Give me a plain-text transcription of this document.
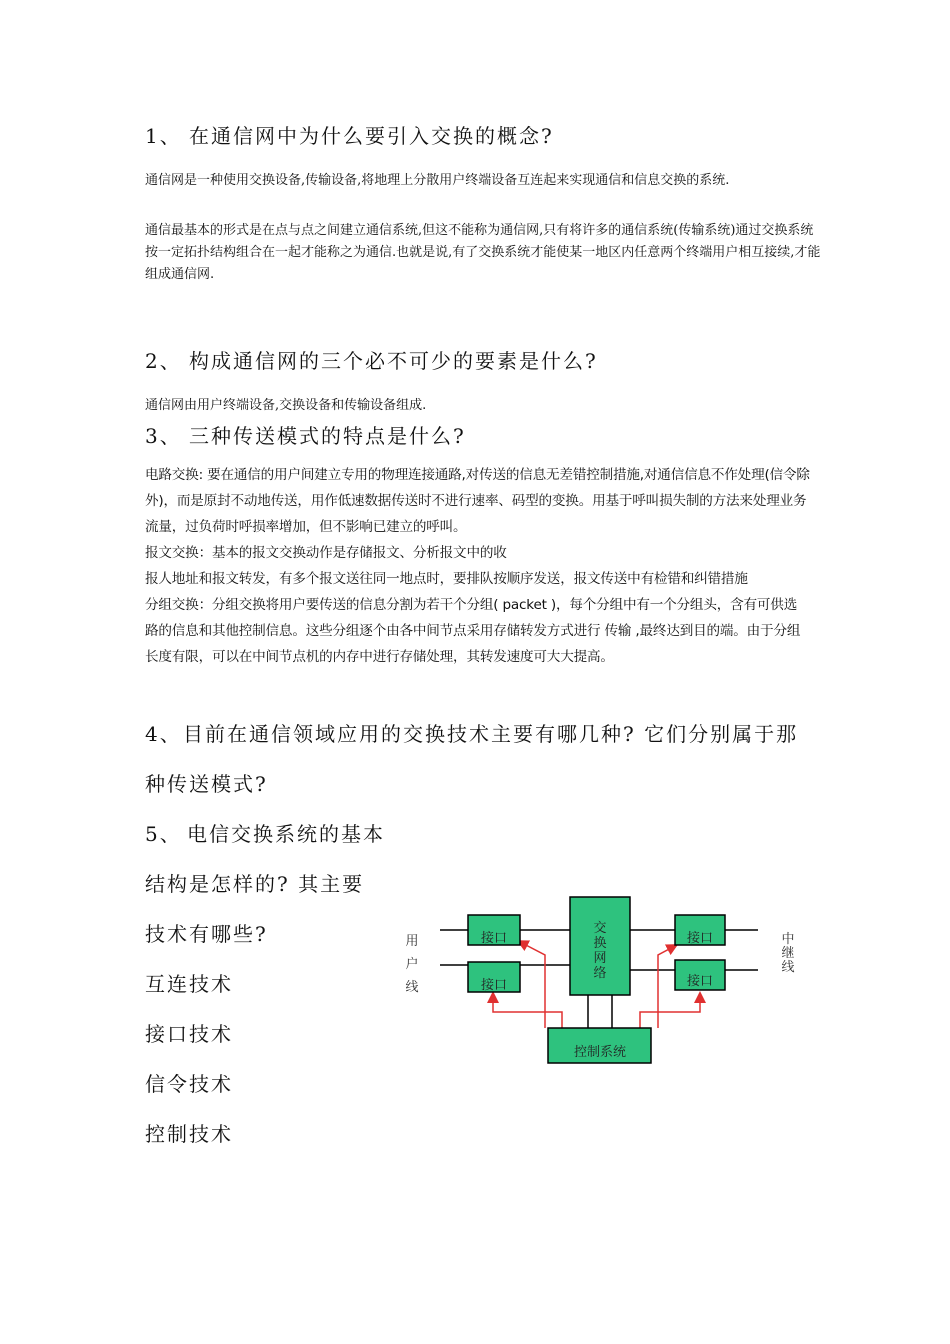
1、 在通信网中为什么要引入交换的概念?
通信网是一种使用交换设备,传输设备,将地理上分散用户终端设备互连起来实现通信和信息交换的系统.
通信最基本的形式是在点与点之间建立通信系统,但这不能称为通信网,只有将许多的通信系统(传输系统)通过交换系统按一定拓扑结构组合在一起才能称之为通信.也就是说,有了交换系统才能使某一地区内任意两个终端用户相互接续,才能组成通信网.
2、 构成通信网的三个必不可少的要素是什么?
通信网由用户终端设备,交换设备和传输设备组成.
3、 三种传送模式的特点是什么?
电路交换: 要在通信的用户间建立专用的物理连接通路,对传送的信息无差错控制措施,对通信信息不作处理(信令除外)，而是原封不动地传送，用作低速数据传送时不进行速率、码型的变换。用基于呼叫损失制的方法来处理业务流量，过负荷时呼损率增加，但不影响已建立的呼叫。
报文交换：基本的报文交换动作是存储报文、分析报文中的收
报人地址和报文转发，有多个报文送往同一地点时，要排队按顺序发送，报文传送中有检错和纠错措施
分组交换：分组交换将用户要传送的信息分割为若干个分组( packet )，每个分组中有一个分组头，含有可供选路的信息和其他控制信息。这些分组逐个由各中间节点采用存储转发方式进行 传输 ,最终达到目的端。由于分组长度有限，可以在中间节点机的内存中进行存储处理，其转发速度可大大提高。
4、目前在通信领域应用的交换技术主要有哪几种? 它们分别属于那
种传送模式?
5、 电信交换系统的基本
结构是怎样的? 其主要
技术有哪些?
互连技术
接口技术
信令技术
控制技术
用
户
线
中
继
线
交
换
网
络
接口
接口
接口
接口
控制系统
